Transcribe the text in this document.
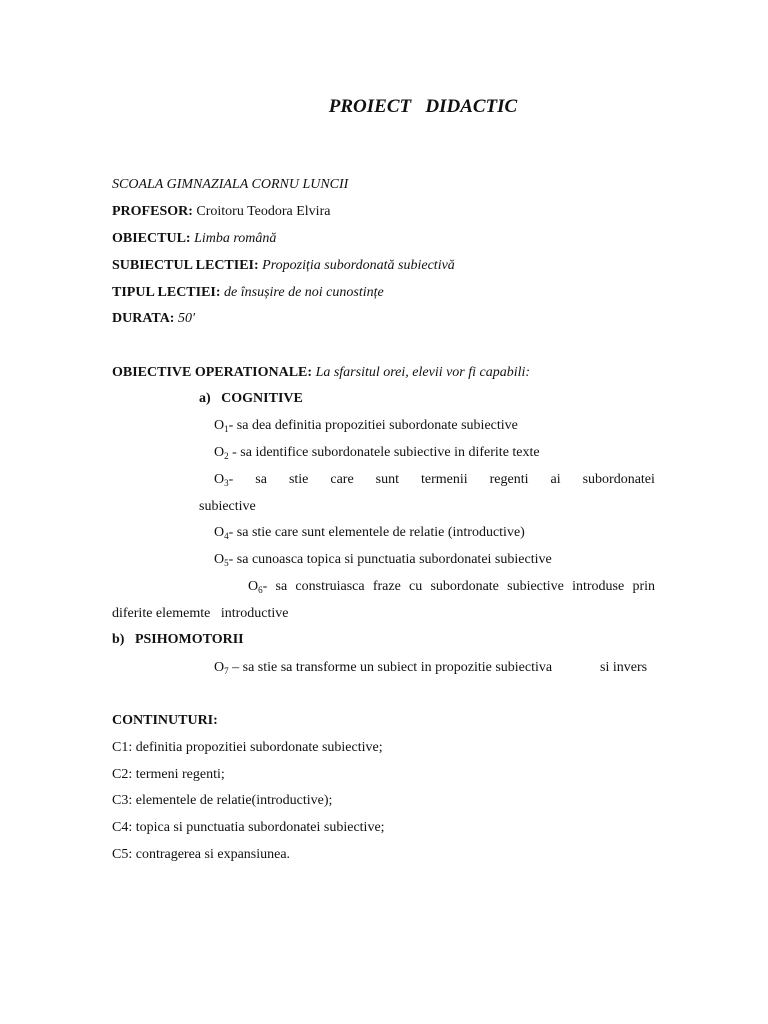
PROIECT   DIDACTIC
SCOALA GIMNAZIALA CORNU LUNCII
PROFESOR: Croitoru Teodora Elvira
OBIECTUL: Limba română
SUBIECTUL LECTIEI: Propoziția subordonată subiectivă
TIPUL LECTIEI: de însușire de noi cunostințe
DURATA: 50′
OBIECTIVE OPERATIONALE: La sfarsitul orei, elevii vor fi capabili:
a)   COGNITIVE
$O_1-$ sa dea definitia propozitiei subordonate subiective
$O_2$ - sa identifice subordonatele subiective in diferite texte
$O_3-$ sa stie care sunt termenii regenti ai subordonatei
subiective
$O_4-$ sa stie care sunt elementele de relatie (introductive)
$O_5-$ sa cunoasca topica si punctuatia subordonatei subiective
$O_6-$ sa construiasca fraze cu subordonate subiective introduse prin
diferite elememte   introductive
b)   PSIHOMOTORII
$O_7$ – sa stie sa transforme un subiect in propozitie subiectiva	si invers
CONTINUTURI:
C1: definitia propozitiei subordonate subiective;
C2: termeni regenti;
C3: elementele de relatie(introductive);
C4: topica si punctuatia subordonatei subiective;
C5: contragerea si expansiunea.
